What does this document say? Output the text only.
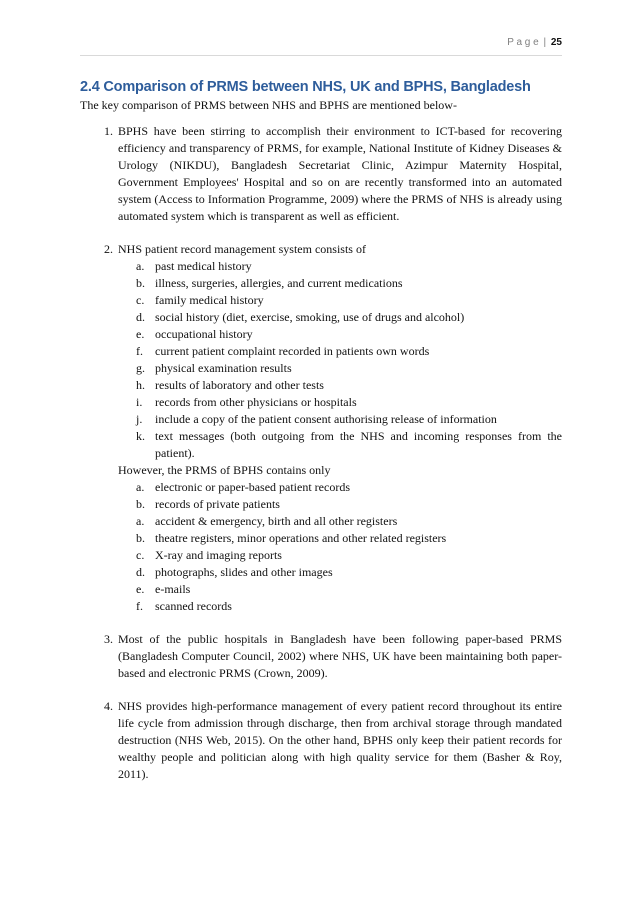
P a g e | 25
2.4 Comparison of PRMS between NHS, UK and BPHS, Bangladesh

The key comparison of PRMS between NHS and BPHS are mentioned below-

1. BPHS have been stirring to accomplish their environment to ICT-based for recovering efficiency and transparency of PRMS, for example, National Institute of Kidney Diseases & Urology (NIKDU), Bangladesh Secretariat Clinic, Azimpur Maternity Hospital, Government Employees' Hospital and so on are recently transformed into an automated system (Access to Information Programme, 2009) where the PRMS of NHS is already using automated system which is transparent as well as efficient.
2. NHS patient record management system consists of
a. past medical history
b. illness, surgeries, allergies, and current medications
c. family medical history
d. social history (diet, exercise, smoking, use of drugs and alcohol)
e. occupational history
f. current patient complaint recorded in patients own words
g. physical examination results
h. results of laboratory and other tests
i. records from other physicians or hospitals
j. include a copy of the patient consent authorising release of information
k. text messages (both outgoing from the NHS and incoming responses from the patient).
However, the PRMS of BPHS contains only
a. electronic or paper-based patient records
b. records of private patients
a. accident & emergency, birth and all other registers
b. theatre registers, minor operations and other related registers
c. X-ray and imaging reports
d. photographs, slides and other images
e. e-mails
f. scanned records
3. Most of the public hospitals in Bangladesh have been following paper-based PRMS (Bangladesh Computer Council, 2002) where NHS, UK have been maintaining both paper-based and electronic PRMS (Crown, 2009).
4. NHS provides high-performance management of every patient record throughout its entire life cycle from admission through discharge, then from archival storage through mandated destruction (NHS Web, 2015). On the other hand, BPHS only keep their patient records for wealthy people and politician along with high quality service for them (Basher & Roy, 2011).
